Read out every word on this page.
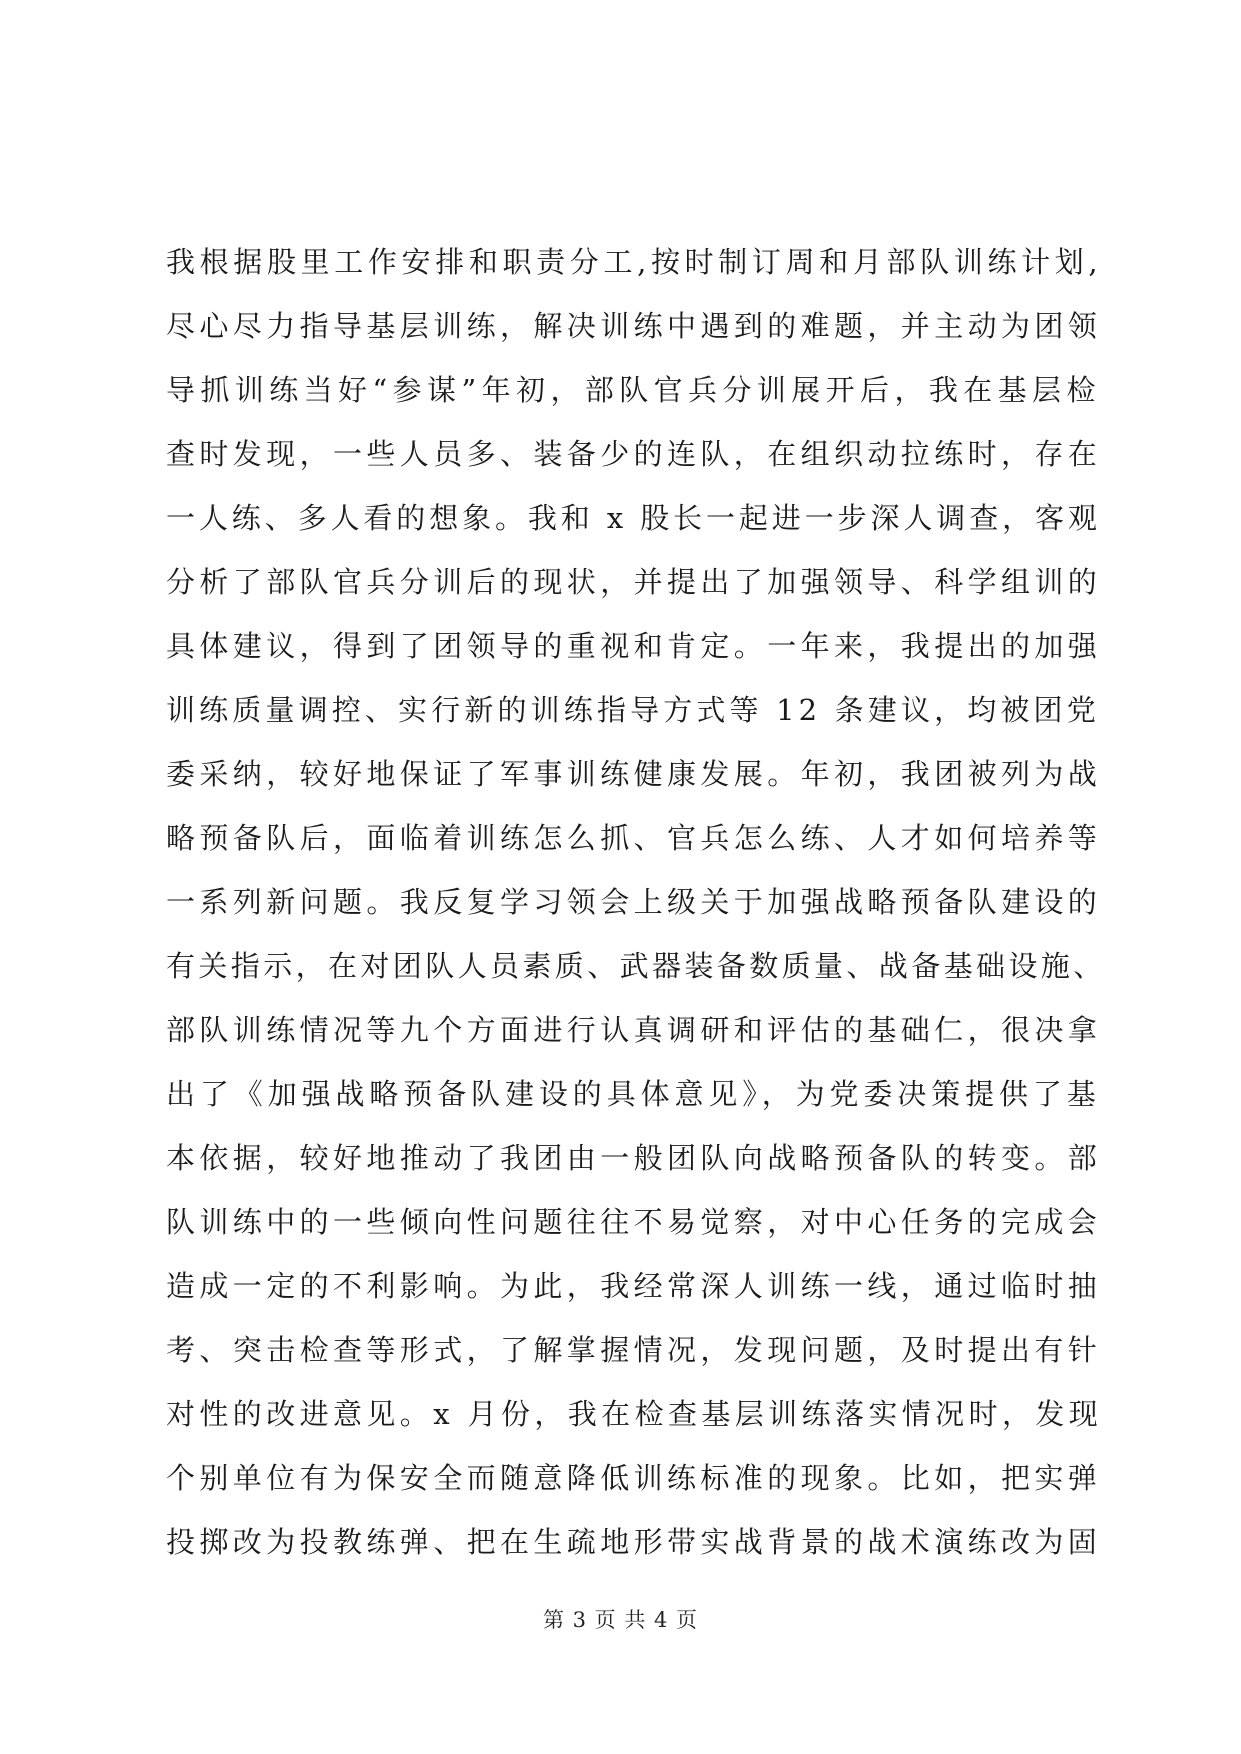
我根据股里工作安排和职责分工,按时制订周和月部队训练计划,
尽心尽力指导基层训练，解决训练中遇到的难题，并主动为团领
导抓训练当好“参谋”年初，部队官兵分训展开后，我在基层检
查时发现，一些人员多、装备少的连队，在组织动拉练时，存在
一人练、多人看的想象。我和 x 股长一起进一步深人调查，客观
分析了部队官兵分训后的现状，并提出了加强领导、科学组训的
具体建议，得到了团领导的重视和肯定。一年来，我提出的加强
训练质量调控、实行新的训练指导方式等 12 条建议，均被团党
委采纳，较好地保证了军事训练健康发展。年初，我团被列为战
略预备队后，面临着训练怎么抓、官兵怎么练、人才如何培养等
一系列新问题。我反复学习领会上级关于加强战略预备队建设的
有关指示，在对团队人员素质、武器装备数质量、战备基础设施、
部队训练情况等九个方面进行认真调研和评估的基础仁，很决拿
出了《加强战略预备队建设的具体意见》，为党委决策提供了基
本依据，较好地推动了我团由一般团队向战略预备队的转变。部
队训练中的一些倾向性问题往往不易觉察，对中心任务的完成会
造成一定的不利影响。为此，我经常深人训练一线，通过临时抽
考、突击检查等形式，了解掌握情况，发现问题，及时提出有针
对性的改进意见。x 月份，我在检查基层训练落实情况时，发现
个别单位有为保安全而随意降低训练标准的现象。比如，把实弹
投掷改为投教练弹、把在生疏地形带实战背景的战术演练改为固
第 3 页 共 4 页
